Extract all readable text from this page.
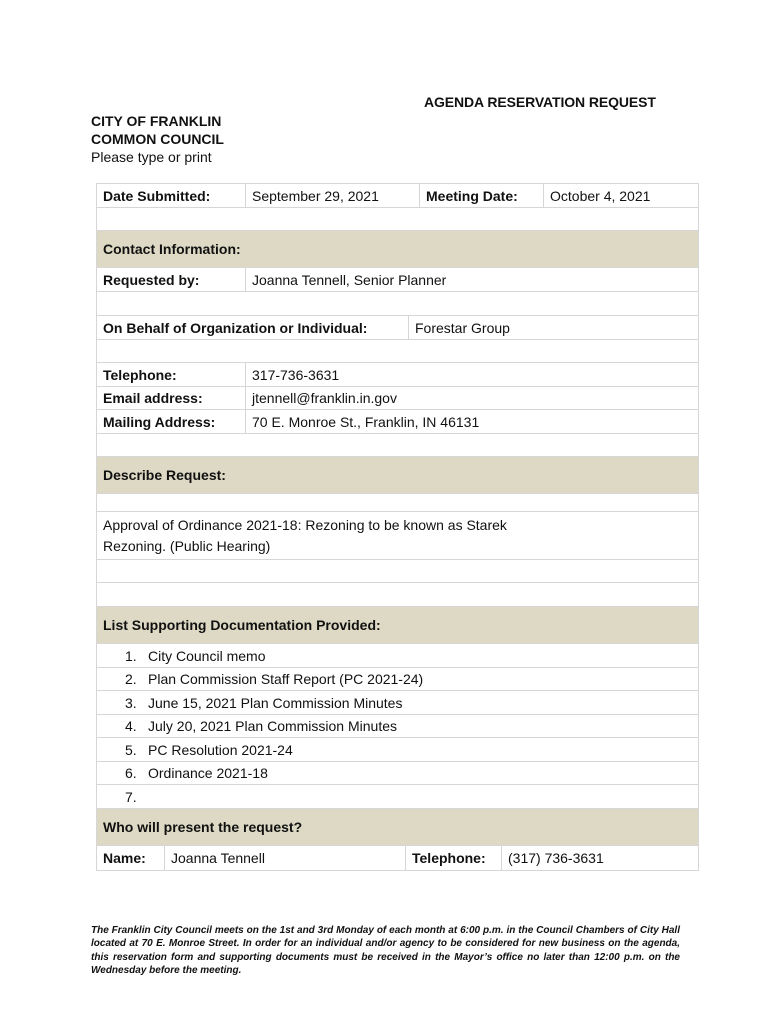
AGENDA RESERVATION REQUEST
CITY OF FRANKLIN
COMMON COUNCIL
Please type or print
Date Submitted:	September 29, 2021	Meeting Date:	October 4, 2021
Contact Information:
Requested by:	Joanna Tennell, Senior Planner
On Behalf of Organization or Individual:	Forestar Group
Telephone:	317-736-3631
Email address:	jtennell@franklin.in.gov
Mailing Address:	70 E. Monroe St., Franklin, IN 46131
Describe Request:
Approval of Ordinance 2021-18: Rezoning to be known as Starek
Rezoning. (Public Hearing)
List Supporting Documentation Provided:
1. City Council memo
2. Plan Commission Staff Report (PC 2021-24)
3. June 15, 2021 Plan Commission Minutes
4. July 20, 2021 Plan Commission Minutes
5. PC Resolution 2021-24
6. Ordinance 2021-18
7.
Who will present the request?
Name:	Joanna Tennell	Telephone:	(317) 736-3631
The Franklin City Council meets on the 1st and 3rd Monday of each month at 6:00 p.m. in the Council Chambers of City Hall located at 70 E. Monroe Street. In order for an individual and/or agency to be considered for new business on the agenda, this reservation form and supporting documents must be received in the Mayor’s office no later than 12:00 p.m. on the Wednesday before the meeting.
